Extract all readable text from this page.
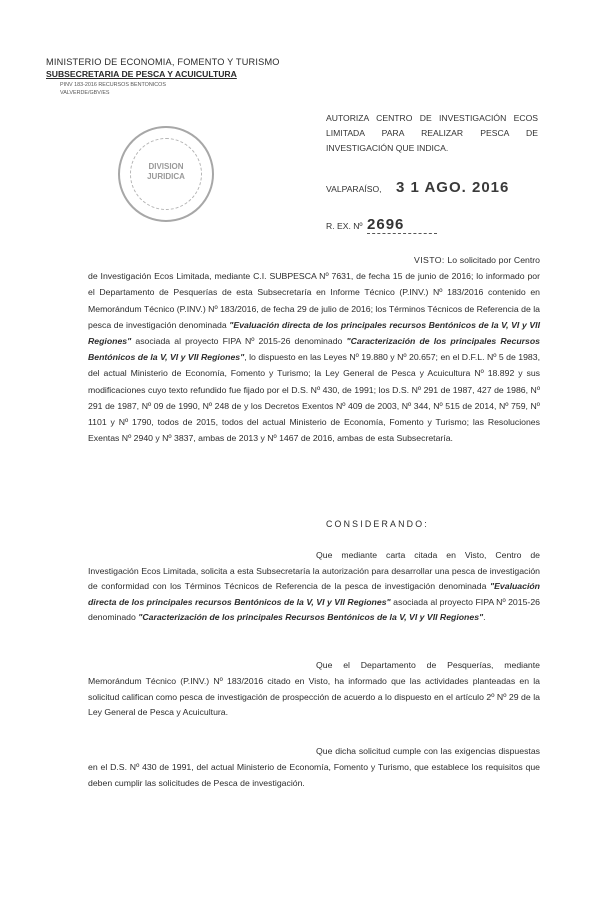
MINISTERIO DE ECONOMIA, FOMENTO Y TURISMO
SUBSECRETARIA DE PESCA Y ACUICULTURA
PINV 183-2016 RECURSOS BENTONICOS
VALVERDE/GBV/ES
DIVISION
JURIDICA
AUTORIZA CENTRO DE INVESTIGACIÓN ECOS LIMITADA PARA REALIZAR PESCA DE INVESTIGACIÓN QUE INDICA.
VALPARAÍSO, 3 1 AGO. 2016
R. EX. Nº 2696
VISTO: Lo solicitado por Centro de Investigación Ecos Limitada, mediante C.I. SUBPESCA Nº 7631, de fecha 15 de junio de 2016; lo informado por el Departamento de Pesquerías de esta Subsecretaría en Informe Técnico (P.INV.) Nº 183/2016 contenido en Memorándum Técnico (P.INV.) Nº 183/2016, de fecha 29 de julio de 2016; los Términos Técnicos de Referencia de la pesca de investigación denominada "Evaluación directa de los principales recursos Bentónicos de la V, VI y VII Regiones" asociada al proyecto FIPA Nº 2015-26 denominado "Caracterización de los principales Recursos Bentónicos de la V, VI y VII Regiones", lo dispuesto en las Leyes Nº 19.880 y Nº 20.657; en el D.F.L. Nº 5 de 1983, del actual Ministerio de Economía, Fomento y Turismo; la Ley General de Pesca y Acuicultura Nº 18.892 y sus modificaciones cuyo texto refundido fue fijado por el D.S. Nº 430, de 1991; los D.S. Nº 291 de 1987, 427 de 1986, Nº 291 de 1987, Nº 09 de 1990, Nº 248 de y los Decretos Exentos Nº 409 de 2003, Nº 344, Nº 515 de 2014, Nº 759, Nº 1101 y Nº 1790, todos de 2015, todos del actual Ministerio de Economía, Fomento y Turismo; las Resoluciones Exentas Nº 2940 y Nº 3837, ambas de 2013 y Nº 1467 de 2016, ambas de esta Subsecretaría.
CONSIDERANDO:
Que mediante carta citada en Visto, Centro de Investigación Ecos Limitada, solicita a esta Subsecretaría la autorización para desarrollar una pesca de investigación de conformidad con los Términos Técnicos de Referencia de la pesca de investigación denominada "Evaluación directa de los principales recursos Bentónicos de la V, VI y VII Regiones" asociada al proyecto FIPA Nº 2015-26 denominado "Caracterización de los principales Recursos Bentónicos de la V, VI y VII Regiones".
Que el Departamento de Pesquerías, mediante Memorándum Técnico (P.INV.) Nº 183/2016 citado en Visto, ha informado que las actividades planteadas en la solicitud califican como pesca de investigación de prospección de acuerdo a lo dispuesto en el artículo 2º Nº 29 de la Ley General de Pesca y Acuicultura.
Que dicha solicitud cumple con las exigencias dispuestas en el D.S. Nº 430 de 1991, del actual Ministerio de Economía, Fomento y Turismo, que establece los requisitos que deben cumplir las solicitudes de Pesca de investigación.
